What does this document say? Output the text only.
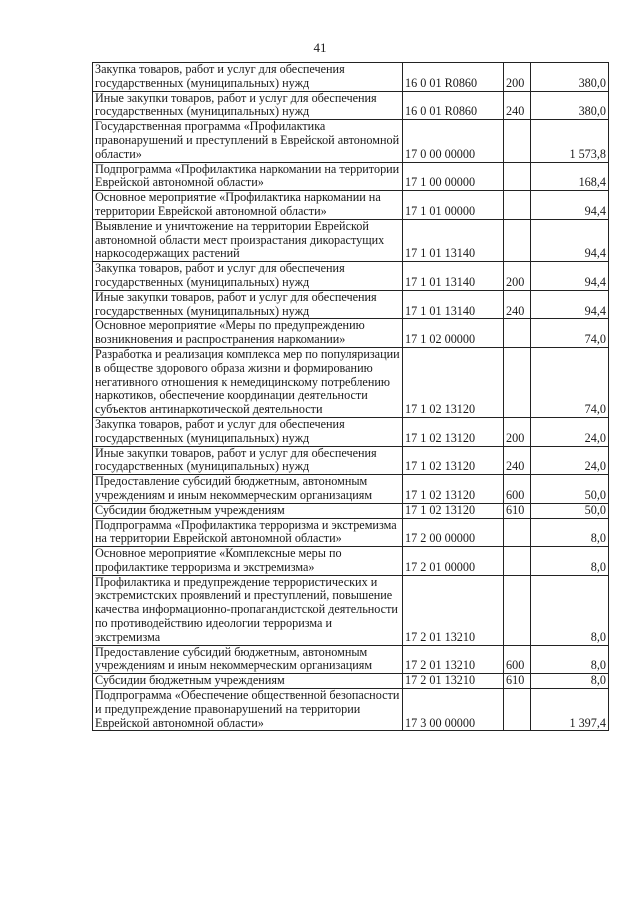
41
Закупка товаров, работ и услуг для обеспечения государственных (муниципальных) нужд	16 0 01 R0860	200	380,0
Иные закупки товаров, работ и услуг для обеспечения государственных (муниципальных) нужд	16 0 01 R0860	240	380,0
Государственная программа «Профилактика правонарушений и преступлений в Еврейской автономной области»	17 0 00 00000		1 573,8
Подпрограмма «Профилактика наркомании на территории Еврейской автономной области»	17 1 00 00000		168,4
Основное мероприятие «Профилактика наркомании на территории Еврейской автономной области»	17 1 01 00000		94,4
Выявление и уничтожение на территории Еврейской автономной области мест произрастания дикорастущих наркосодержащих растений	17 1 01 13140		94,4
Закупка товаров, работ и услуг для обеспечения государственных (муниципальных) нужд	17 1 01 13140	200	94,4
Иные закупки товаров, работ и услуг для обеспечения государственных (муниципальных) нужд	17 1 01 13140	240	94,4
Основное мероприятие «Меры по предупреждению возникновения и распространения наркомании»	17 1 02 00000		74,0
Разработка и реализация комплекса мер по популяризации в обществе здорового образа жизни и формированию негативного отношения к немедицинскому потреблению наркотиков, обеспечение координации деятельности субъектов антинаркотической деятельности	17 1 02 13120		74,0
Закупка товаров, работ и услуг для обеспечения государственных (муниципальных) нужд	17 1 02 13120	200	24,0
Иные закупки товаров, работ и услуг для обеспечения государственных (муниципальных) нужд	17 1 02 13120	240	24,0
Предоставление субсидий бюджетным, автономным учреждениям и иным некоммерческим организациям	17 1 02 13120	600	50,0
Субсидии бюджетным учреждениям	17 1 02 13120	610	50,0
Подпрограмма «Профилактика терроризма и экстремизма на территории Еврейской автономной области»	17 2 00 00000		8,0
Основное мероприятие «Комплексные меры по профилактике терроризма и экстремизма»	17 2 01 00000		8,0
Профилактика и предупреждение террористических и экстремистских проявлений и преступлений, повышение качества информационно-пропагандистской деятельности по противодействию идеологии терроризма и экстремизма	17 2 01 13210		8,0
Предоставление субсидий бюджетным, автономным учреждениям и иным некоммерческим организациям	17 2 01 13210	600	8,0
Субсидии бюджетным учреждениям	17 2 01 13210	610	8,0
Подпрограмма «Обеспечение общественной безопасности и предупреждение правонарушений на территории Еврейской автономной области»	17 3 00 00000		1 397,4
